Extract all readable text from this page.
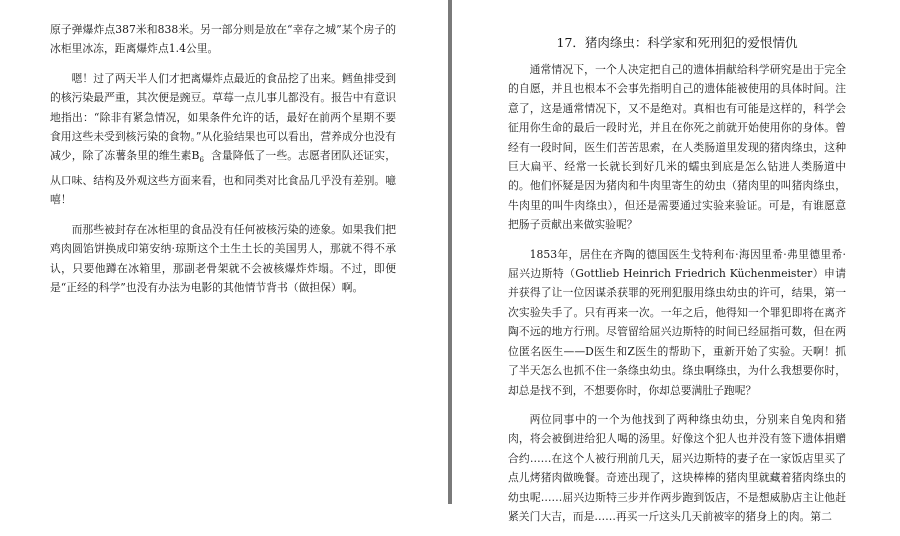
原子弹爆炸点387米和838米。另一部分则是放在“幸存之城”某个房子的冰柜里冰冻，距离爆炸点1.4公里。

嗯！过了两天半人们才把离爆炸点最近的食品挖了出来。鳕鱼排受到的核污染最严重，其次便是豌豆。草莓一点儿事儿都没有。报告中有意识地指出：“除非有紧急情况，如果条件允许的话，最好在前两个星期不要食用这些未受到核污染的食物。”从化验结果也可以看出，营养成分也没有减少，除了冻薯条里的维生素$B_6$ 含量降低了一些。志愿者团队还证实，从口味、结构及外观这些方面来看，也和同类对比食品几乎没有差别。噫嘻！

而那些被封存在冰柜里的食品没有任何被核污染的迹象。如果我们把鸡肉圆馅饼换成印第安纳·琼斯这个土生土长的美国男人，那就不得不承认，只要他蹲在冰箱里，那副老骨架就不会被核爆炸炸塌。不过，即便是“正经的科学”也没有办法为电影的其他情节背书（做担保）啊。

17．猪肉绦虫：科学家和死刑犯的爱恨情仇

通常情况下，一个人决定把自己的遗体捐献给科学研究是出于完全的自愿，并且也根本不会事先指明自己的遗体能被使用的具体时间。注意了，这是通常情况下，又不是绝对。真相也有可能是这样的，科学会征用你生命的最后一段时光，并且在你死之前就开始使用你的身体。曾经有一段时间，医生们苦苦思索，在人类肠道里发现的猪肉绦虫，这种巨大扁平、经常一长就长到好几米的蠕虫到底是怎么钻进人类肠道中的。他们怀疑是因为猪肉和牛肉里寄生的幼虫（猪肉里的叫猪肉绦虫，牛肉里的叫牛肉绦虫），但还是需要通过实验来验证。可是，有谁愿意把肠子贡献出来做实验呢？

1853年，居住在齐陶的德国医生戈特利布·海因里希·弗里德里希·屈兴边斯特（Gottlieb Heinrich Friedrich Küchenmeister）申请并获得了让一位因谋杀获罪的死刑犯服用绦虫幼虫的许可，结果，第一次实验失手了。只有再来一次。一年之后，他得知一个罪犯即将在离齐陶不远的地方行刑。尽管留给屈兴边斯特的时间已经屈指可数，但在两位匿名医生——D医生和Z医生的帮助下，重新开始了实验。天啊！抓了半天怎么也抓不住一条绦虫幼虫。绦虫啊绦虫，为什么我想要你时，却总是找不到，不想要你时，你却总要满肚子跑呢？

两位同事中的一个为他找到了两种绦虫幼虫，分别来自兔肉和猪肉，将会被倒进给犯人喝的汤里。好像这个犯人也并没有签下遗体捐赠合约……在这个人被行刑前几天，屈兴边斯特的妻子在一家饭店里买了点儿烤猪肉做晚餐。奇迹出现了，这块棒棒的猪肉里就藏着猪肉绦虫的幼虫呢……屈兴边斯特三步并作两步跑到饭店，不是想威胁店主让他赶紧关门大吉，而是……再买一斤这头几天前被宰的猪身上的肉。第二
